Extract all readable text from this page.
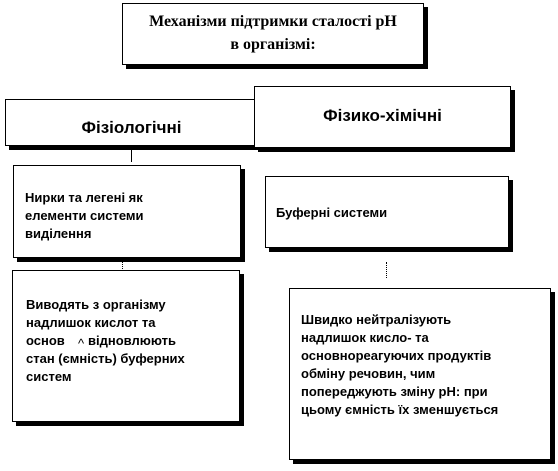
Механізми підтримки сталості рН
в організмі:
Фізіологічні
Фізико-хімічні
Нирки та легені як
елементи системи
виділення
Виводять з організму
надлишок кислот та
основ ^ відновлюють
стан (ємність) буферних
систем
Буферні системи
Швидко нейтралізують
надлишок кисло- та
основнореагуючих продуктів
обміну речовин, чим
попереджують зміну рН: при
цьому ємність їх зменшується
